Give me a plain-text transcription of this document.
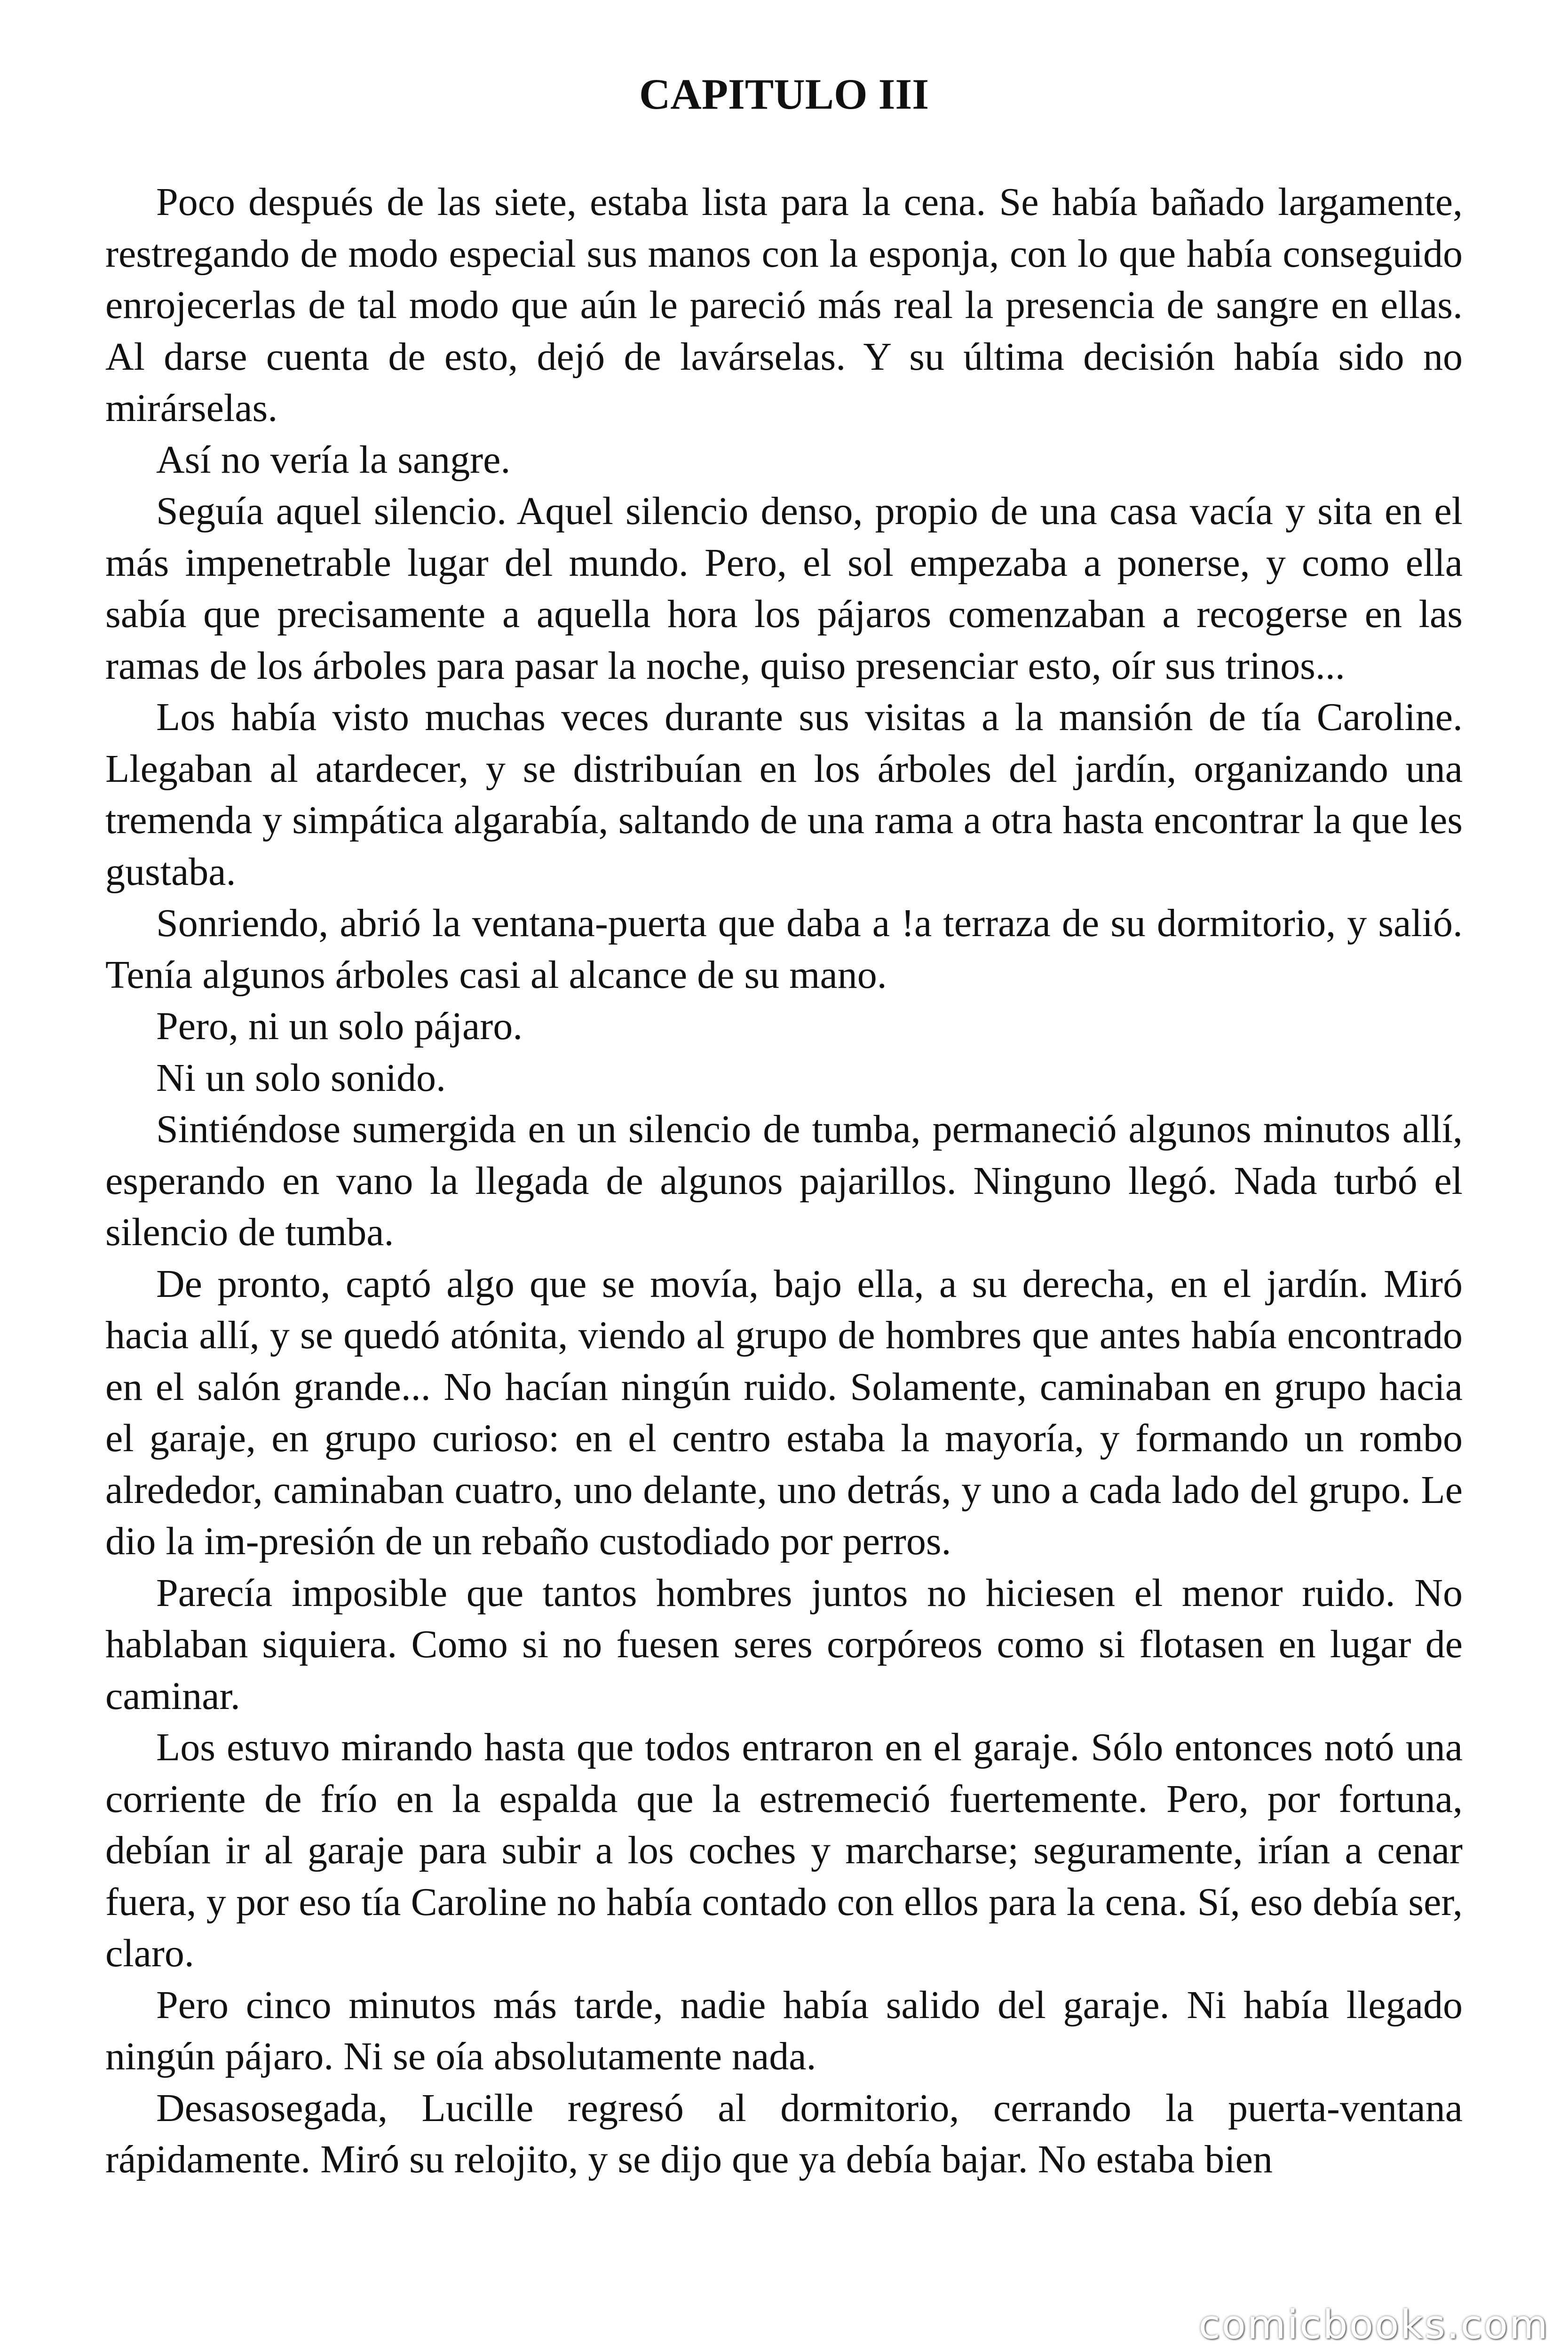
CAPITULO III

Poco después de las siete, estaba lista para la cena. Se había bañado largamente, restregando de modo especial sus manos con la esponja, con lo que había conseguido enrojecerlas de tal modo que aún le pareció más real la presencia de sangre en ellas. Al darse cuenta de esto, dejó de lavárselas. Y su última decisión había sido no mirárselas.

Así no vería la sangre.

Seguía aquel silencio. Aquel silencio denso, propio de una casa vacía y sita en el más impenetrable lugar del mundo. Pero, el sol empezaba a ponerse, y como ella sabía que precisamente a aquella hora los pájaros comenzaban a recogerse en las ramas de los árboles para pasar la noche, quiso presenciar esto, oír sus trinos...

Los había visto muchas veces durante sus visitas a la mansión de tía Caroline. Llegaban al atardecer, y se distribuían en los árboles del jardín, organizando una tremenda y simpática algarabía, saltando de una rama a otra hasta encontrar la que les gustaba.

Sonriendo, abrió la ventana-puerta que daba a !a terraza de su dormitorio, y salió. Tenía algunos árboles casi al alcance de su mano.

Pero, ni un solo pájaro.

Ni un solo sonido.

Sintiéndose sumergida en un silencio de tumba, permaneció algunos minutos allí, esperando en vano la llegada de algunos pajarillos. Ninguno llegó. Nada turbó el silencio de tumba.

De pronto, captó algo que se movía, bajo ella, a su derecha, en el jardín. Miró hacia allí, y se quedó atónita, viendo al grupo de hombres que antes había encontrado en el salón grande... No hacían ningún ruido. Solamente, caminaban en grupo hacia el garaje, en grupo curioso: en el centro estaba la mayoría, y formando un rombo alrededor, caminaban cuatro, uno delante, uno detrás, y uno a cada lado del grupo. Le dio la im-presión de un rebaño custodiado por perros.

Parecía imposible que tantos hombres juntos no hiciesen el menor ruido. No hablaban siquiera. Como si no fuesen seres corpóreos como si flotasen en lugar de caminar.

Los estuvo mirando hasta que todos entraron en el garaje. Sólo entonces notó una corriente de frío en la espalda que la estremeció fuertemente. Pero, por fortuna, debían ir al garaje para subir a los coches y marcharse; seguramente, irían a cenar fuera, y por eso tía Caroline no había contado con ellos para la cena. Sí, eso debía ser, claro.

Pero cinco minutos más tarde, nadie había salido del garaje. Ni había llegado ningún pájaro. Ni se oía absolutamente nada.

Desasosegada, Lucille regresó al dormitorio, cerrando la puerta-ventana rápidamente. Miró su relojito, y se dijo que ya debía bajar. No estaba bien

comicbooks.com
